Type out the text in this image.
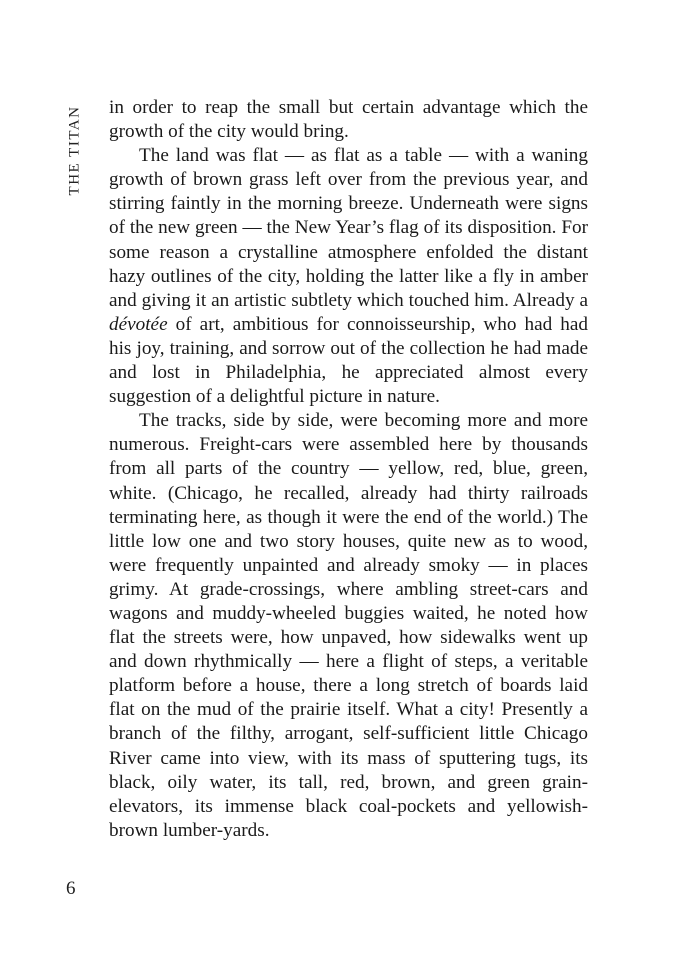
THE TITAN in order to reap the small but certain advantage which the growth of the city would bring.

The land was flat — as flat as a table — with a waning growth of brown grass left over from the previous year, and stirring faintly in the morning breeze. Underneath were signs of the new green — the New Year’s flag of its disposition. For some reason a crystalline atmosphere enfolded the distant hazy outlines of the city, holding the latter like a fly in amber and giving it an artistic subtlety which touched him. Already a dévotée of art, ambitious for connoisseurship, who had had his joy, training, and sorrow out of the collection he had made and lost in Philadelphia, he appreciated almost every suggestion of a delightful picture in nature.

The tracks, side by side, were becoming more and more numerous. Freight-cars were assembled here by thousands from all parts of the country — yellow, red, blue, green, white. (Chicago, he recalled, already had thirty railroads terminating here, as though it were the end of the world.) The little low one and two story houses, quite new as to wood, were frequently unpainted and already smoky — in places grimy. At grade-crossings, where ambling street-cars and wagons and muddy-wheeled buggies waited, he noted how flat the streets were, how unpaved, how sidewalks went up and down rhythmically — here a flight of steps, a veritable platform before a house, there a long stretch of boards laid flat on the mud of the prairie itself. What a city! Presently a branch of the filthy, arrogant, self-sufficient little Chicago River came into view, with its mass of sputtering tugs, its black, oily water, its tall, red, brown, and green grain-elevators, its immense black coal-pockets and yellowish-brown lumber-yards.

6
